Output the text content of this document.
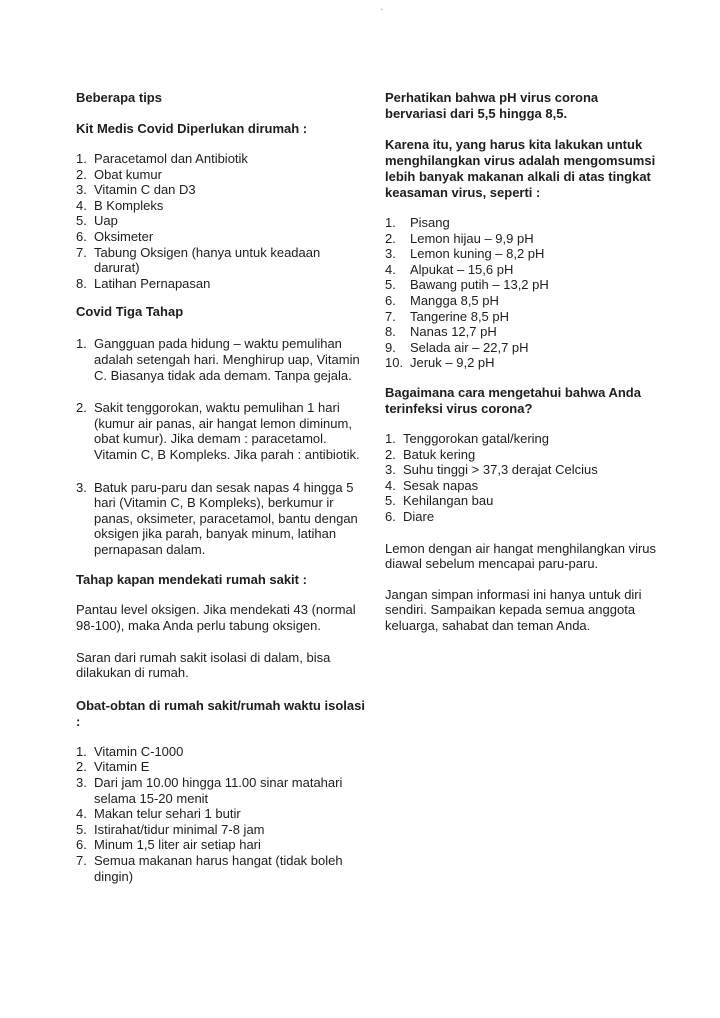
Beberapa tips
Kit Medis Covid Diperlukan dirumah :
1. Paracetamol dan Antibiotik
2. Obat kumur
3. Vitamin C dan D3
4. B Kompleks
5. Uap
6. Oksimeter
7. Tabung Oksigen (hanya untuk keadaan darurat)
8. Latihan Pernapasan
Covid Tiga Tahap
1. Gangguan pada hidung – waktu pemulihan adalah setengah hari. Menghirup uap, Vitamin C. Biasanya tidak ada demam. Tanpa gejala.
2. Sakit tenggorokan, waktu pemulihan 1 hari (kumur air panas, air hangat lemon diminum, obat kumur). Jika demam : paracetamol. Vitamin C, B Kompleks. Jika parah : antibiotik.
3. Batuk paru-paru dan sesak napas 4 hingga 5 hari (Vitamin C, B Kompleks), berkumur ir panas, oksimeter, paracetamol, bantu dengan oksigen jika parah, banyak minum, latihan pernapasan dalam.
Tahap kapan mendekati rumah sakit :

Pantau level oksigen. Jika mendekati 43 (normal 98-100), maka Anda perlu tabung oksigen.

Saran dari rumah sakit isolasi di dalam, bisa dilakukan di rumah.

Obat-obtan di rumah sakit/rumah waktu isolasi :
1. Vitamin C-1000
2. Vitamin E
3. Dari jam 10.00 hingga 11.00 sinar matahari selama 15-20 menit
4. Makan telur sehari 1 butir
5. Istirahat/tidur minimal 7-8 jam
6. Minum 1,5 liter air setiap hari
7. Semua makanan harus hangat (tidak boleh dingin)
Perhatikan bahwa pH virus corona bervariasi dari 5,5 hingga 8,5.
Karena itu, yang harus kita lakukan untuk menghilangkan virus adalah mengomsumsi lebih banyak makanan alkali di atas tingkat keasaman virus, seperti :
1. Pisang
2. Lemon hijau – 9,9 pH
3. Lemon kuning – 8,2 pH
4. Alpukat – 15,6 pH
5. Bawang putih – 13,2 pH
6. Mangga 8,5 pH
7. Tangerine 8,5 pH
8. Nanas 12,7 pH
9. Selada air – 22,7 pH
10. Jeruk – 9,2 pH
Bagaimana cara mengetahui bahwa Anda terinfeksi virus corona?
1. Tenggorokan gatal/kering
2. Batuk kering
3. Suhu tinggi > 37,3 derajat Celcius
4. Sesak napas
5. Kehilangan bau
6. Diare

Lemon dengan air hangat menghilangkan virus diawal sebelum mencapai paru-paru.

Jangan simpan informasi ini hanya untuk diri sendiri. Sampaikan kepada semua anggota keluarga, sahabat dan teman Anda.

·
